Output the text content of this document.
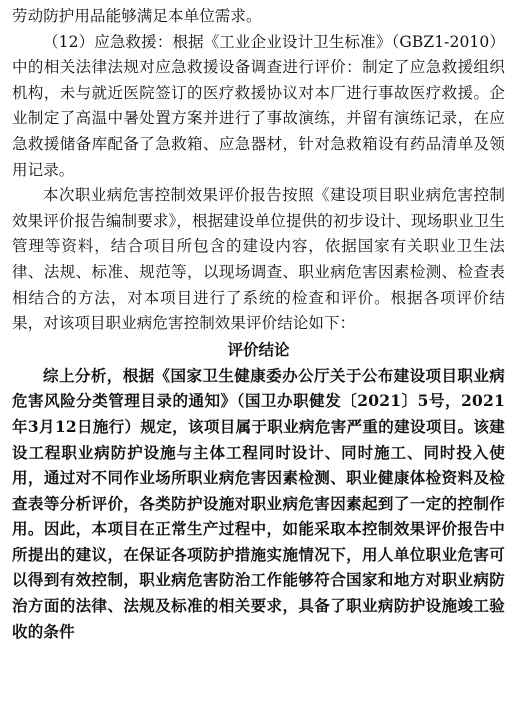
劳动防护用品能够满足本单位需求。

（12）应急救援：根据《工业企业设计卫生标准》（GBZ1-2010）中的相关法律法规对应急救援设备调查进行评价：制定了应急救援组织机构，未与就近医院签订的医疗救援协议对本厂进行事故医疗救援。企业制定了高温中暑处置方案并进行了事故演练，并留有演练记录，在应急救援储备库配备了急救箱、应急器材，针对急救箱设有药品清单及领用记录。

本次职业病危害控制效果评价报告按照《建设项目职业病危害控制效果评价报告编制要求》，根据建设单位提供的初步设计、现场职业卫生管理等资料，结合项目所包含的建设内容，依据国家有关职业卫生法律、法规、标准、规范等，以现场调查、职业病危害因素检测、检查表相结合的方法，对本项目进行了系统的检查和评价。根据各项评价结果，对该项目职业病危害控制效果评价结论如下：

评价结论

综上分析，根据《国家卫生健康委办公厅关于公布建设项目职业病危害风险分类管理目录的通知》（国卫办职健发〔2021〕5号，2021年3月12日施行）规定，该项目属于职业病危害严重的建设项目。该建设工程职业病防护设施与主体工程同时设计、同时施工、同时投入使用，通过对不同作业场所职业病危害因素检测、职业健康体检资料及检查表等分析评价，各类防护设施对职业病危害因素起到了一定的控制作用。因此，本项目在正常生产过程中，如能采取本控制效果评价报告中所提出的建议，在保证各项防护措施实施情况下，用人单位职业危害可以得到有效控制，职业病危害防治工作能够符合国家和地方对职业病防治方面的法律、法规及标准的相关要求，具备了职业病防护设施竣工验收的条件
